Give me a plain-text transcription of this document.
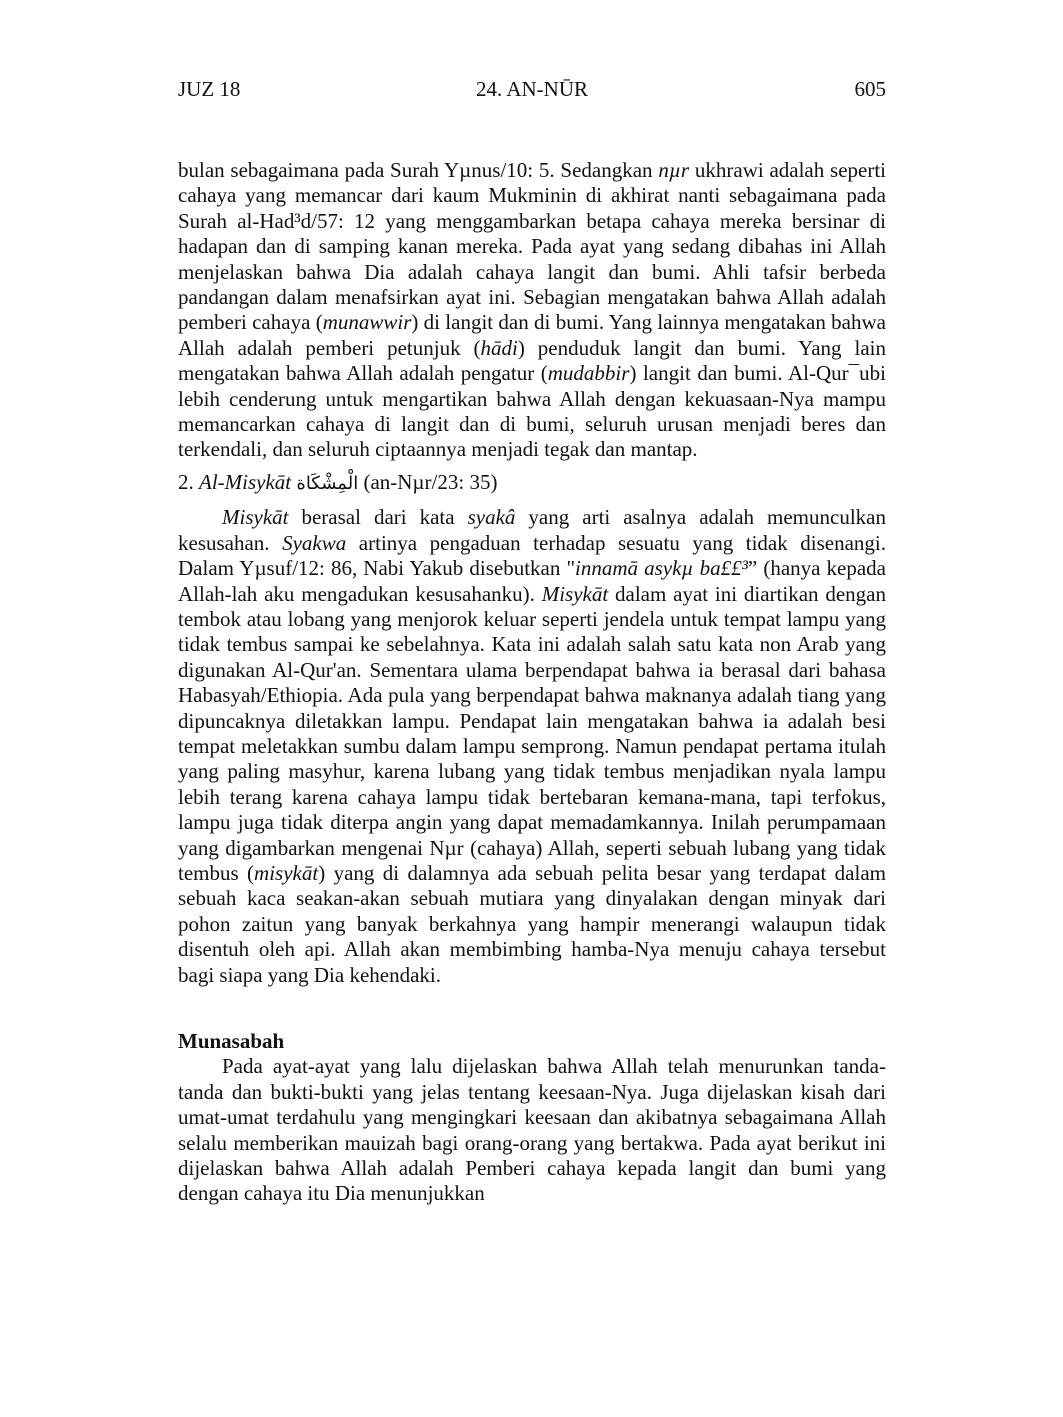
JUZ 18	24. AN-NŪR	605

bulan sebagaimana pada Surah Yµnus/10: 5. Sedangkan nµr ukhrawi adalah seperti cahaya yang memancar dari kaum Mukminin di akhirat nanti sebagaimana pada Surah al-Had³d/57: 12 yang menggambarkan betapa cahaya mereka bersinar di hadapan dan di samping kanan mereka. Pada ayat yang sedang dibahas ini Allah menjelaskan bahwa Dia adalah cahaya langit dan bumi. Ahli tafsir berbeda pandangan dalam menafsirkan ayat ini. Sebagian mengatakan bahwa Allah adalah pemberi cahaya (munawwir) di langit dan di bumi. Yang lainnya mengatakan bahwa Allah adalah pemberi petunjuk (hādi) penduduk langit dan bumi. Yang lain mengatakan bahwa Allah adalah pengatur (mudabbir) langit dan bumi. Al-Qur¯ubi lebih cenderung untuk mengartikan bahwa Allah dengan kekuasaan-Nya mampu memancarkan cahaya di langit dan di bumi, seluruh urusan menjadi beres dan terkendali, dan seluruh ciptaannya menjadi tegak dan mantap.

2. Al-Misykāt الْمِشْكَاة (an-Nµr/23: 35)

Misykāt berasal dari kata syakâ yang arti asalnya adalah memunculkan kesusahan. Syakwa artinya pengaduan terhadap sesuatu yang tidak disenangi. Dalam Yµsuf/12: 86, Nabi Yakub disebutkan "innamā asykµ ba££³” (hanya kepada Allah-lah aku mengadukan kesusahanku). Misykāt dalam ayat ini diartikan dengan tembok atau lobang yang menjorok keluar seperti jendela untuk tempat lampu yang tidak tembus sampai ke sebelahnya. Kata ini adalah salah satu kata non Arab yang digunakan Al-Qur'an. Sementara ulama berpendapat bahwa ia berasal dari bahasa Habasyah/Ethiopia. Ada pula yang berpendapat bahwa maknanya adalah tiang yang dipuncaknya diletakkan lampu. Pendapat lain mengatakan bahwa ia adalah besi tempat meletakkan sumbu dalam lampu semprong. Namun pendapat pertama itulah yang paling masyhur, karena lubang yang tidak tembus menjadikan nyala lampu lebih terang karena cahaya lampu tidak bertebaran kemana-mana, tapi terfokus, lampu juga tidak diterpa angin yang dapat memadamkannya. Inilah perumpamaan yang digambarkan mengenai Nµr (cahaya) Allah, seperti sebuah lubang yang tidak tembus (misykāt) yang di dalamnya ada sebuah pelita besar yang terdapat dalam sebuah kaca seakan-akan sebuah mutiara yang dinyalakan dengan minyak dari pohon zaitun yang banyak berkahnya yang hampir menerangi walaupun tidak disentuh oleh api. Allah akan membimbing hamba-Nya menuju cahaya tersebut bagi siapa yang Dia kehendaki.

Munasabah

Pada ayat-ayat yang lalu dijelaskan bahwa Allah telah menurunkan tanda-tanda dan bukti-bukti yang jelas tentang keesaan-Nya. Juga dijelaskan kisah dari umat-umat terdahulu yang mengingkari keesaan dan akibatnya sebagaimana Allah selalu memberikan mauizah bagi orang-orang yang bertakwa. Pada ayat berikut ini dijelaskan bahwa Allah adalah Pemberi cahaya kepada langit dan bumi yang dengan cahaya itu Dia menunjukkan
